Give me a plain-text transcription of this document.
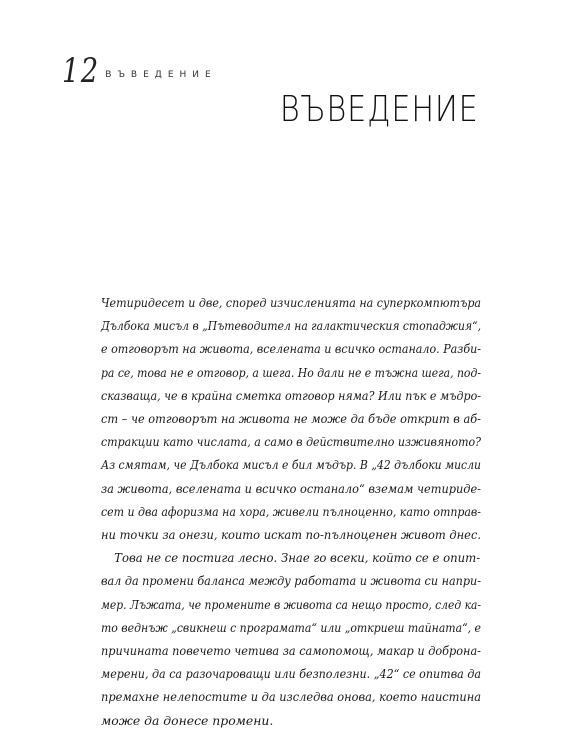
12 ВЪВЕДЕНИЕ
ВЪВЕДЕНИЕ
Четиридесет и две, според изчисленията на суперкомпютъра
Дълбока мисъл в „Пътеводител на галактическия стопаджия“,
е отговорът на живота, вселената и всичко останало. Разби-
ра се, това не е отговор, а шега. Но дали не е тъжна шега, под-
сказваща, че в крайна сметка отговор няма? Или пък е мъдро-
ст – че отговорът на живота не може да бъде открит в аб-
стракции като числата, а само в действително изживяното?
Аз смятам, че Дълбока мисъл е бил мъдър. В „42 дълбоки мисли
за живота, вселената и всичко останало“ вземам четириде-
сет и два афоризма на хора, живели пълноценно, като отправ-
ни точки за онези, които искат по-пълноценен живот днес.
Това не се постига лесно. Знае го всеки, който се е опит-
вал да промени баланса между работата и живота си напри-
мер. Лъжата, че промените в живота са нещо просто, след ка-
то веднъж „свикнеш с програмата“ или „откриеш тайната“, е
причината повечето четива за самопомощ, макар и доброна-
мерени, да са разочароващи или безполезни. „42“ се опитва да
премахне нелепостите и да изследва онова, което наистина
може да донесе промени.
